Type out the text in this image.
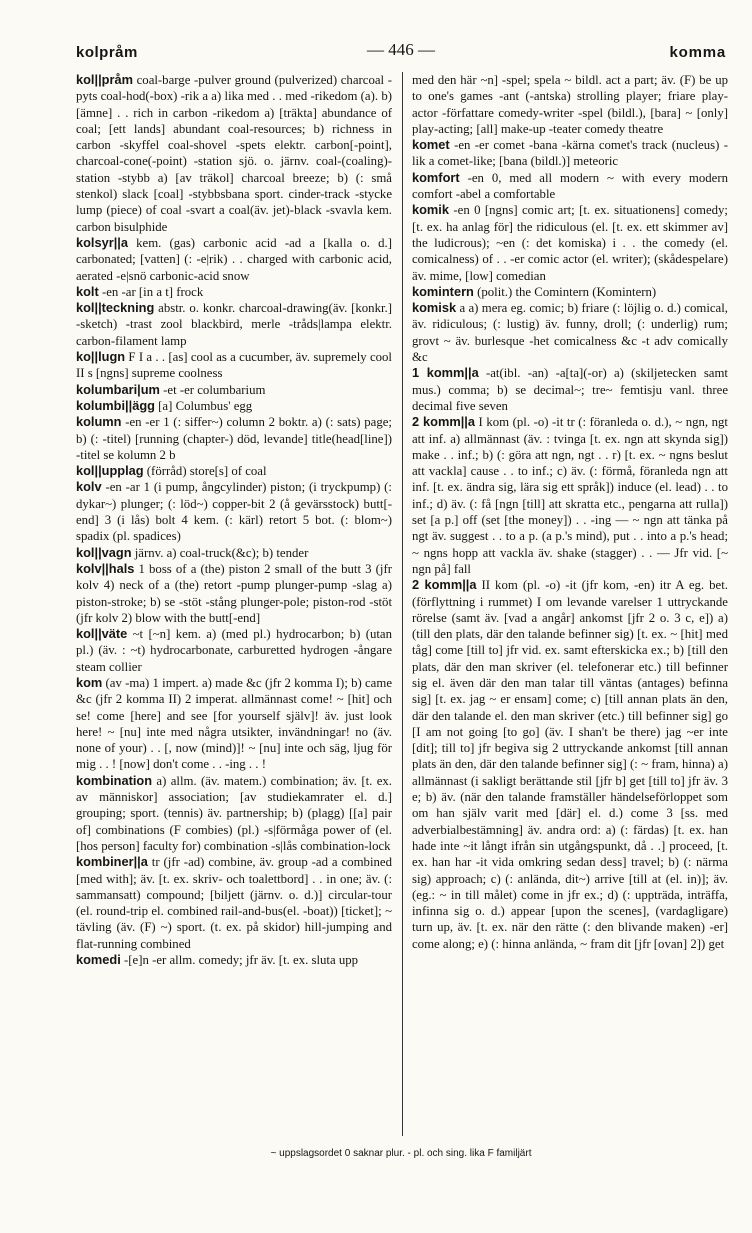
kolpråm	— 446 —	komma

kol||pråm coal-barge -pulver ground (pulverized) charcoal -pyts coal-hod(-box) -rik a a) lika med . . med -rikedom (a). b) [ämne] . . rich in carbon -rikedom a) [träkta] abundance of coal; [ett lands] abundant coal-resources; b) richness in carbon -skyffel coal-shovel -spets elektr. carbon[-point], charcoal-cone(-point) -station sjö. o. järnv. coal-(coaling)-station -stybb a) [av träkol] charcoal breeze; b) (: små stenkol) slack [coal] -stybbsbana sport. cinder-track -stycke lump (piece) of coal -svart a coal(äv. jet)-black -svavla kem. carbon bisulphide

kolsyr||a kem. (gas) carbonic acid -ad a [kalla o. d.] carbonated; [vatten] (: -e|rik) . . charged with carbonic acid, aerated -e|snö carbonic-acid snow

kolt -en -ar [in a t] frock

kol||teckning abstr. o. konkr. charcoal-drawing(äv. [konkr.] -sketch) -trast zool blackbird, merle -tråds|lampa elektr. carbon-filament lamp

ko||lugn F I a . . [as] cool as a cucumber, äv. supremely cool II s [ngns] supreme coolness

kolumbari|um -et -er columbarium

kolumbi||ägg [a] Columbus' egg

kolumn -en -er 1 (: siffer~) column 2 boktr. a) (: sats) page; b) (: -titel) [running (chapter-) död, levande] title(head[line]) -titel se kolumn 2 b

kol||upplag (förråd) store[s] of coal

kolv -en -ar 1 (i pump, ångcylinder) piston; (i tryckpump) (: dykar~) plunger; (: löd~) copper-bit 2 (å gevärsstock) butt[-end] 3 (i lås) bolt 4 kem. (: kärl) retort 5 bot. (: blom~) spadix (pl. spadices)

kol||vagn järnv. a) coal-truck(&c); b) tender

kolv||hals 1 boss of a (the) piston 2 small of the butt 3 (jfr kolv 4) neck of a (the) retort -pump plunger-pump -slag a) piston-stroke; b) se -stöt -stång plunger-pole; piston-rod -stöt (jfr kolv 2) blow with the butt[-end]

kol||väte ~t [~n] kem. a) (med pl.) hydrocarbon; b) (utan pl.) (äv. : ~t) hydrocarbonate, carburetted hydrogen -ångare steam collier

kom (av -ma) 1 impert. a) made &c (jfr 2 komma I); b) came &c (jfr 2 komma II) 2 imperat. allmännast come! ~ [hit] och se! come [here] and see [for yourself själv]! äv. just look here! ~ [nu] inte med några utsikter, invändningar! no (äv. none of your) . . [, now (mind)]! ~ [nu] inte och säg, ljug för mig . . ! [now] don't come . . -ing . . !

kombination a) allm. (äv. matem.) combination; äv. [t. ex. av människor] association; [av studiekamrater el. d.] grouping; sport. (tennis) äv. partnership; b) (plagg) [[a] pair of] combinations (F combies) (pl.) -s|förmåga power of (el. [hos person] faculty for) combination -s|lås combination-lock

kombiner||a tr (jfr -ad) combine, äv. group -ad a combined [med with]; äv. [t. ex. skriv- och toalettbord] . . in one; äv. (: sammansatt) compound; [biljett (järnv. o. d.)] circular-tour (el. round-trip el. combined rail-and-bus(el. -boat)) [ticket]; ~ tävling (äv. (F) ~) sport. (t. ex. på skidor) hill-jumping and flat-running combined

komedi -[e]n -er allm. comedy; jfr äv. [t. ex. sluta upp

med den här ~n] -spel; spela ~ bildl. act a part; äv. (F) be up to one's games -ant (-antska) strolling player; friare play-actor -författare comedy-writer -spel (bildl.), [bara] ~ [only] play-acting; [all] make-up -teater comedy theatre

komet -en -er comet -bana -kärna comet's track (nucleus) -lik a comet-like; [bana (bildl.)] meteoric

komfort -en 0, med all modern ~ with every modern comfort -abel a comfortable

komik -en 0 [ngns] comic art; [t. ex. situationens] comedy; [t. ex. ha anlag för] the ridiculous (el. [t. ex. ett skimmer av] the ludicrous); ~en (: det komiska) i . . the comedy (el. comicalness) of . . -er comic actor (el. writer); (skådespelare) äv. mime, [low] comedian

komintern (polit.) the Comintern (Komintern)

komisk a a) mera eg. comic; b) friare (: löjlig o. d.) comical, äv. ridiculous; (: lustig) äv. funny, droll; (: underlig) rum; grovt ~ äv. burlesque -het comicalness &c -t adv comically &c

1 komm||a -at(ibl. -an) -a[ta](-or) a) (skiljetecken samt mus.) comma; b) se decimal~; tre~ femtisju vanl. three decimal five seven

2 komm||a I kom (pl. -o) -it tr (: föranleda o. d.), ~ ngn, ngt att inf. a) allmännast (äv. : tvinga [t. ex. ngn att skynda sig]) make . . inf.; b) (: göra att ngn, ngt . . r) [t. ex. ~ ngns beslut att vackla] cause . . to inf.; c) äv. (: förmå, föranleda ngn att inf. [t. ex. ändra sig, lära sig ett språk]) induce (el. lead) . . to inf.; d) äv. (: få [ngn [till] att skratta etc., pengarna att rulla]) set [a p.] off (set [the money]) . . -ing — ~ ngn att tänka på ngt äv. suggest . . to a p. (a p.'s mind), put . . into a p.'s head; ~ ngns hopp att vackla äv. shake (stagger) . . — Jfr vid. [~ ngn på] fall

2 komm||a II kom (pl. -o) -it (jfr kom, -en) itr A eg. bet. (förflyttning i rummet) I om levande varelser 1 uttryckande rörelse (samt äv. [vad a angår] ankomst [jfr 2 o. 3 c, e]) a) (till den plats, där den talande befinner sig) [t. ex. ~ [hit] med tåg] come [till to] jfr vid. ex. samt efterskicka ex.; b) [till den plats, där den man skriver (el. telefonerar etc.) till befinner sig el. även där den man talar till väntas (antages) befinna sig] [t. ex. jag ~ er ensam] come; c) [till annan plats än den, där den talande el. den man skriver (etc.) till befinner sig] go [I am not going [to go] (äv. I shan't be there) jag ~er inte [dit]; till to] jfr begiva sig 2 uttryckande ankomst [till annan plats än den, där den talande befinner sig] (: ~ fram, hinna) a) allmännast (i sakligt berättande stil [jfr b] get [till to] jfr äv. 3 e; b) äv. (när den talande framställer händelseförloppet som om han själv varit med [där] el. d.) come 3 [ss. med adverbialbestämning] äv. andra ord: a) (: färdas) [t. ex. han hade inte ~it långt ifrån sin utgångspunkt, då . .] proceed, [t. ex. han har -it vida omkring sedan dess] travel; b) (: närma sig) approach; c) (: anlända, dit~) arrive [till at (el. in)]; äv. (eg.: ~ in till målet) come in jfr ex.; d) (: uppträda, inträffa, infinna sig o. d.) appear [upon the scenes], (vardagligare) turn up, äv. [t. ex. när den rätte (: den blivande maken) -er] come along; e) (: hinna anlända, ~ fram dit [jfr [ovan] 2]) get

~ uppslagsordet 0 saknar plur. - pl. och sing. lika F familjärt
